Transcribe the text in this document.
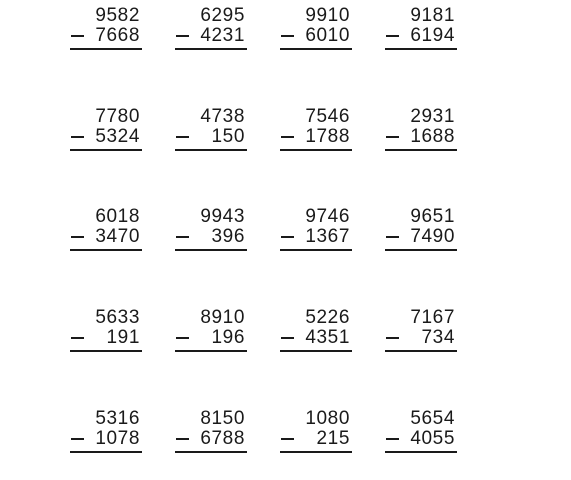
9582
7668
6295
4231
9910
6010
9181
6194
7780
5324
4738
150
7546
1788
2931
1688
6018
3470
9943
396
9746
1367
9651
7490
5633
191
8910
196
5226
4351
7167
734
5316
1078
8150
6788
1080
215
5654
4055
